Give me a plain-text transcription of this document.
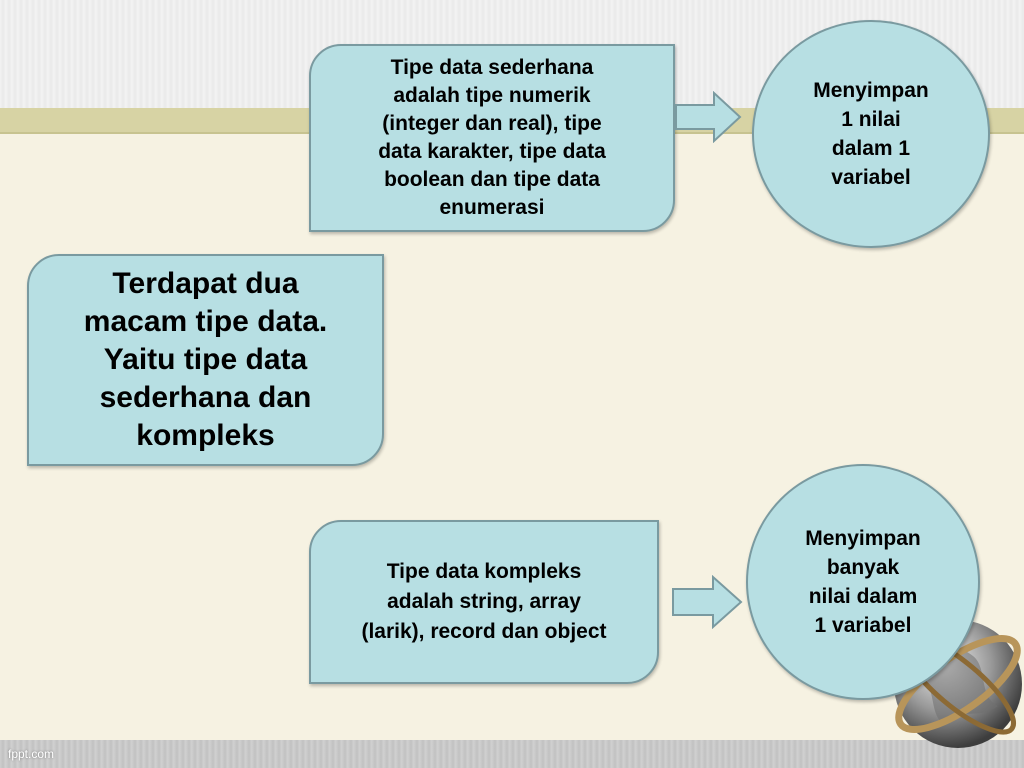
Tipe data sederhana
adalah tipe numerik
(integer dan real), tipe
data karakter, tipe data
boolean dan tipe data
enumerasi
Menyimpan
1 nilai
dalam 1
variabel
Terdapat dua
macam tipe data.
Yaitu tipe data
sederhana dan
kompleks
Tipe data kompleks
adalah string, array
(larik), record dan object
Menyimpan
banyak
nilai dalam
1 variabel
fppt.com
